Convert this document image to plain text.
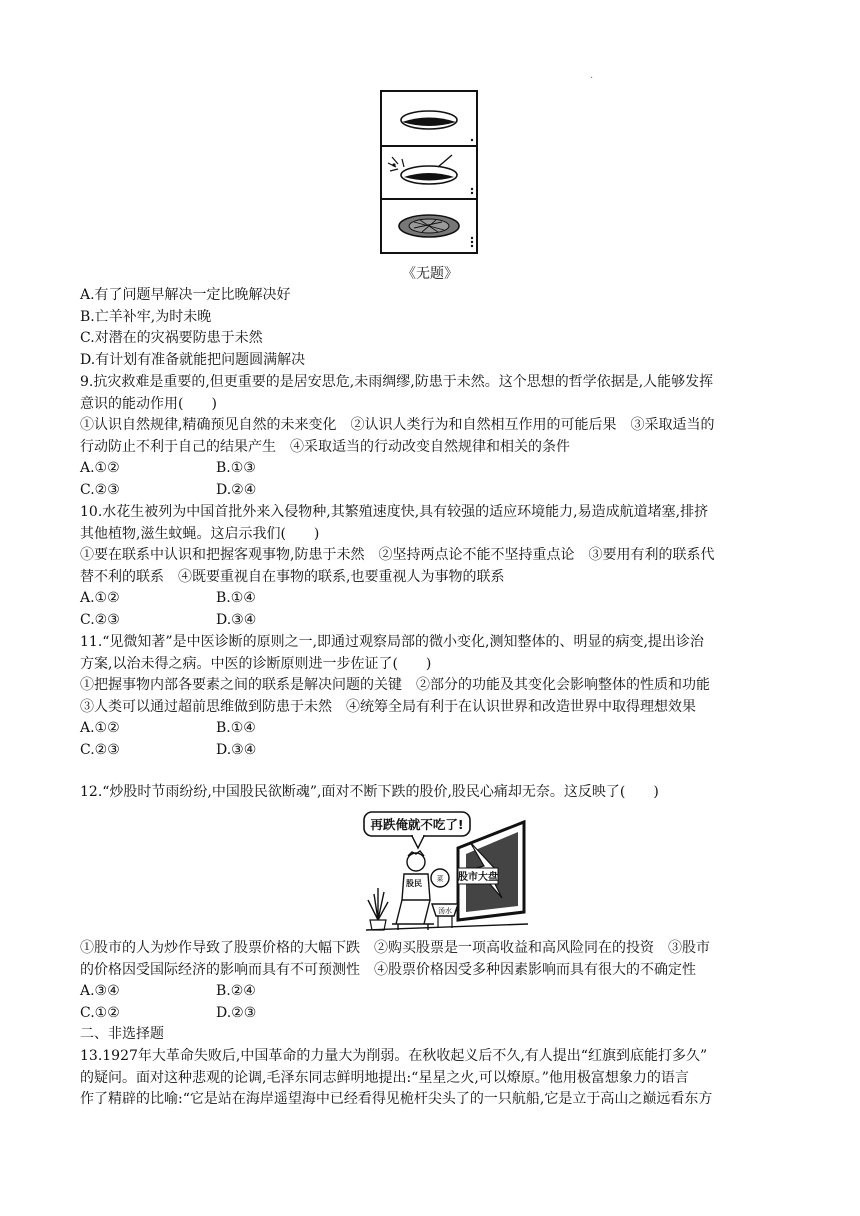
.
《无题》
A.有了问题早解决一定比晚解决好
B.亡羊补牢,为时未晚
C.对潜在的灾祸要防患于未然
D.有计划有准备就能把问题圆满解决
9.抗灾救难是重要的,但更重要的是居安思危,未雨绸缪,防患于未然。这个思想的哲学依据是,人能够发挥
意识的能动作用(　　)
①认识自然规律,精确预见自然的未来变化　②认识人类行为和自然相互作用的可能后果　③采取适当的
行动防止不利于自己的结果产生　④采取适当的行动改变自然规律和相关的条件
A.①②	B.①③
C.②③	D.②④
10.水花生被列为中国首批外来入侵物种,其繁殖速度快,具有较强的适应环境能力,易造成航道堵塞,排挤
其他植物,滋生蚊蝇。这启示我们(　　)
①要在联系中认识和把握客观事物,防患于未然　②坚持两点论不能不坚持重点论　③要用有利的联系代
替不利的联系　④既要重视自在事物的联系,也要重视人为事物的联系
A.①②	B.①④
C.②③	D.③④
11.“见微知著”是中医诊断的原则之一,即通过观察局部的微小变化,测知整体的、明显的病变,提出诊治
方案,以治未得之病。中医的诊断原则进一步佐证了(　　)
①把握事物内部各要素之间的联系是解决问题的关键　②部分的功能及其变化会影响整体的性质和功能
③人类可以通过超前思维做到防患于未然　④统筹全局有利于在认识世界和改造世界中取得理想效果
A.①②	B.①④
C.②③	D.③④
12.“炒股时节雨纷纷,中国股民欲断魂”,面对不断下跌的股价,股民心痛却无奈。这反映了(　　)
再跌俺就不吃了!
股市大盘
股民 菜
汤水
①股市的人为炒作导致了股票价格的大幅下跌　②购买股票是一项高收益和高风险同在的投资　③股市
的价格因受国际经济的影响而具有不可预测性　④股票价格因受多种因素影响而具有很大的不确定性
A.③④	B.②④
C.①②	D.②③
二、非选择题
13.1927年大革命失败后,中国革命的力量大为削弱。在秋收起义后不久,有人提出“红旗到底能打多久”
的疑问。面对这种悲观的论调,毛泽东同志鲜明地提出:“星星之火,可以燎原。”他用极富想象力的语言
作了精辟的比喻:“它是站在海岸遥望海中已经看得见桅杆尖头了的一只航船,它是立于高山之巅远看东方
